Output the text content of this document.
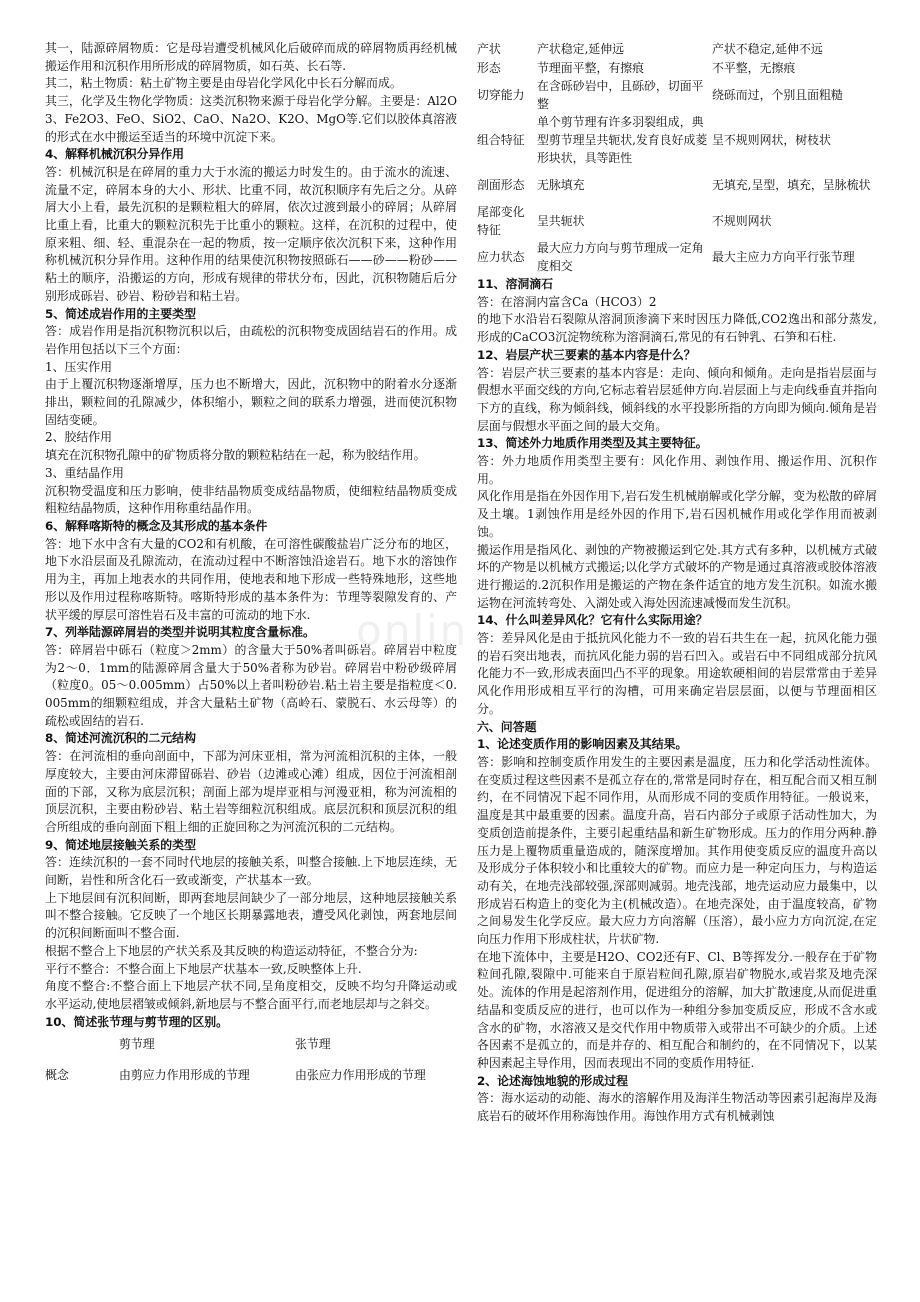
onlin

其一，陆源碎屑物质：它是母岩遭受机械风化后破碎而成的碎屑物质再经机械搬运作用和沉积作用所形成的碎屑物质，如石英、长石等.

其二，粘土物质：粘土矿物主要是由母岩化学风化中长石分解而成。

其三，化学及生物化学物质：这类沉积物来源于母岩化学分解。主要是：Al2O3、Fe2O3、FeO、SiO2、CaO、Na2O、K2O、MgO等.它们以胶体真溶液的形式在水中搬运至适当的环境中沉淀下来。

4、解释机械沉积分异作用

答：机械沉积是在碎屑的重力大于水流的搬运力时发生的。由于流水的流速、流量不定，碎屑本身的大小、形状、比重不同，故沉积顺序有先后之分。从碎屑大小上看，最先沉积的是颗粒粗大的碎屑，依次过渡到最小的碎屑；从碎屑比重上看，比重大的颗粒沉积先于比重小的颗粒。这样，在沉积的过程中，使原来粗、细、轻、重混杂在一起的物质，按一定顺序依次沉积下来，这种作用称机械沉积分异作用。这种作用的结果使沉积物按照砾石——砂——粉砂——粘土的顺序，沿搬运的方向，形成有规律的带状分布，因此，沉积物随后后分别形成砾岩、砂岩、粉砂岩和粘土岩。

5、简述成岩作用的主要类型

答：成岩作用是指沉积物沉积以后，由疏松的沉积物变成固结岩石的作用。成岩作用包括以下三个方面：

1、压实作用

由于上覆沉积物逐渐增厚，压力也不断增大，因此，沉积物中的附着水分逐渐排出，颗粒间的孔隙减少，体积缩小，颗粒之间的联系力增强，进而使沉积物固结变硬。

2、胶结作用

填充在沉积物孔隙中的矿物质将分散的颗粒粘结在一起，称为胶结作用。

3、重结晶作用

沉积物受温度和压力影响，使非结晶物质变成结晶物质，使细粒结晶物质变成粗粒结晶物质，这种作用称重结晶作用。

6、解释喀斯特的概念及其形成的基本条件

答：地下水中含有大量的CO2和有机酸，在可溶性碳酸盐岩广泛分布的地区，地下水沿层面及孔隙流动，在流动过程中不断溶蚀沿途岩石。地下水的溶蚀作用为主，再加上地表水的共同作用，使地表和地下形成一些特殊地形，这些地形以及作用过程称喀斯特。喀斯特形成的基本条件为：节理等裂隙发育的、产状平缓的厚层可溶性岩石及丰富的可流动的地下水.

7、列举陆源碎屑岩的类型并说明其粒度含量标准。

答：碎屑岩中砾石（粒度＞2mm）的含量大于50%者叫砾岩。碎屑岩中粒度为2～0．1mm的陆源碎屑含量大于50%者称为砂岩。碎屑岩中粉砂级碎屑（粒度0。05～0.005mm）占50%以上者叫粉砂岩.粘土岩主要是指粒度＜0.005mm的细颗粒组成，并含大量粘土矿物（高岭石、蒙脱石、水云母等）的疏松或固结的岩石.

8、简述河流沉积的二元结构

答：在河流相的垂向剖面中，下部为河床亚相，常为河流相沉积的主体，一般厚度较大，主要由河床滞留砾岩、砂岩（边滩或心滩）组成，因位于河流相剖面的下部，又称为底层沉积；剖面上部为堤岸亚相与河漫亚相，称为河流相的顶层沉积，主要由粉砂岩、粘土岩等细粒沉积组成。底层沉积和顶层沉积的组合所组成的垂向剖面下粗上细的正旋回称之为河流沉积的二元结构。

9、简述地层接触关系的类型

答：连续沉积的一套不同时代地层的接触关系，叫整合接触.上下地层连续，无间断，岩性和所含化石一致或渐变，产状基本一致。

上下地层间有沉积间断，即两套地层间缺少了一部分地层，这种地层接触关系叫不整合接触。它反映了一个地区长期暴露地表，遭受风化剥蚀，两套地层间的沉积间断面叫不整合面.

根据不整合上下地层的产状关系及其反映的构造运动特征，不整合分为:

平行不整合：不整合面上下地层产状基本一致,反映整体上升.

角度不整合:不整合面上下地层产状不同,呈角度相交，反映不均匀升降运动或水平运动,使地层褶皱或倾斜,新地层与不整合面平行,而老地层却与之斜交。

10、简述张节理与剪节理的区别。
	剪节理	张节理
概念	由剪应力作用形成的节理	由张应力作用形成的节理
产状	产状稳定,延伸远	产状不稳定,延伸不远
形态	节理面平整，有擦痕	不平整，无擦痕
切穿能力	在含砾砂岩中，且砾砂，切面平整	绕砾而过，个别且面粗糙
组合特征	单个剪节理有许多羽裂组成，典型剪节理呈共轭状,发育良好成菱形块状，具等距性	呈不规则网状，树枝状
剖面形态	无脉填充	无填充,呈型，填充，呈脉梳状
尾部变化特征	呈共轭状	不规则网状
应力状态	最大应力方向与剪节理成一定角度相交	最大主应力方向平行张节理
11、溶洞滴石

答：在溶洞内富含Ca（HCO3）2

的地下水沿岩石裂隙从溶洞顶渗滴下来时因压力降低,CO2逸出和部分蒸发,形成的CaCO3沉淀物统称为溶洞滴石,常见的有石钟乳、石笋和石柱.

12、岩层产状三要素的基本内容是什么？

答：岩层产状三要素的基本内容是：走向、倾向和倾角。走向是指岩层面与假想水平面交线的方向,它标志着岩层延伸方向.岩层面上与走向线垂直并指向下方的直线，称为倾斜线，倾斜线的水平投影所指的方向即为倾向.倾角是岩层面与假想水平面之间的最大交角。

13、简述外力地质作用类型及其主要特征。

答：外力地质作用类型主要有：风化作用、剥蚀作用、搬运作用、沉积作用。

风化作用是指在外因作用下,岩石发生机械崩解或化学分解，变为松散的碎屑及土壤。1剥蚀作用是经外因的作用下,岩石因机械作用或化学作用而被剥蚀。

搬运作用是指风化、剥蚀的产物被搬运到它处.其方式有多种，以机械方式破坏的产物是以机械方式搬运;以化学方式破坏的产物是通过真溶液或胶体溶液进行搬运的.2沉积作用是搬运的产物在条件适宜的地方发生沉积。如流水搬运物在河流转弯处、入湖处或入海处因流速减慢而发生沉积。

14、什么叫差异风化？它有什么实际用途？

答：差异风化是由于抵抗风化能力不一致的岩石共生在一起，抗风化能力强的岩石突出地表，而抗风化能力弱的岩石凹入。或岩石中不同组成部分抗风化能力不一致,形成表面凹凸不平的现象。用途软硬相间的岩层常常由于差异风化作用形成相互平行的沟槽，可用来确定岩层层面，以便与节理面相区分。

六、问答题
1、论述变质作用的影响因素及其结果。

答：影响和控制变质作用发生的主要因素是温度，压力和化学活动性流体。在变质过程这些因素不是孤立存在的,常常是同时存在，相互配合而又相互制约，在不同情况下起不同作用，从而形成不同的变质作用特征。一般说来，温度是其中最重要的因素。温度升高，岩石内部分子或原子活动性加大，为变质创造前提条件，主要引起重结晶和新生矿物形成。压力的作用分两种.静压力是上覆物质重量造成的，随深度增加。其作用使变质反应的温度升高以及形成分子体积较小和比重较大的矿物。而应力是一种定向压力，与构造运动有关，在地壳浅部较强,深部则减弱。地壳浅部，地壳运动应力最集中，以形成岩石构造上的变化为主(机械改造）。在地壳深处，由于温度较高，矿物之间易发生化学反应。最大应力方向溶解（压溶），最小应力方向沉淀,在定向压力作用下形成柱状，片状矿物.

在地下流体中，主要是H2O、CO2还有F、Cl、B等挥发分.一般存在于矿物粒间孔隙,裂隙中.可能来自于原岩粒间孔隙,原岩矿物脱水,或岩浆及地壳深处。流体的作用是起溶剂作用，促进组分的溶解，加大扩散速度,从而促进重结晶和变质反应的进行，也可以作为一种组分参加变质反应，形成不含水或含水的矿物，水溶液又是交代作用中物质带入或带出不可缺少的介质。上述各因素不是孤立的，而是并存的、相互配合和制约的，在不同情况下，以某种因素起主导作用，因而表现出不同的变质作用特征.

2、论述海蚀地貌的形成过程

答：海水运动的动能、海水的溶解作用及海洋生物活动等因素引起海岸及海底岩石的破坏作用称海蚀作用。海蚀作用方式有机械剥蚀
